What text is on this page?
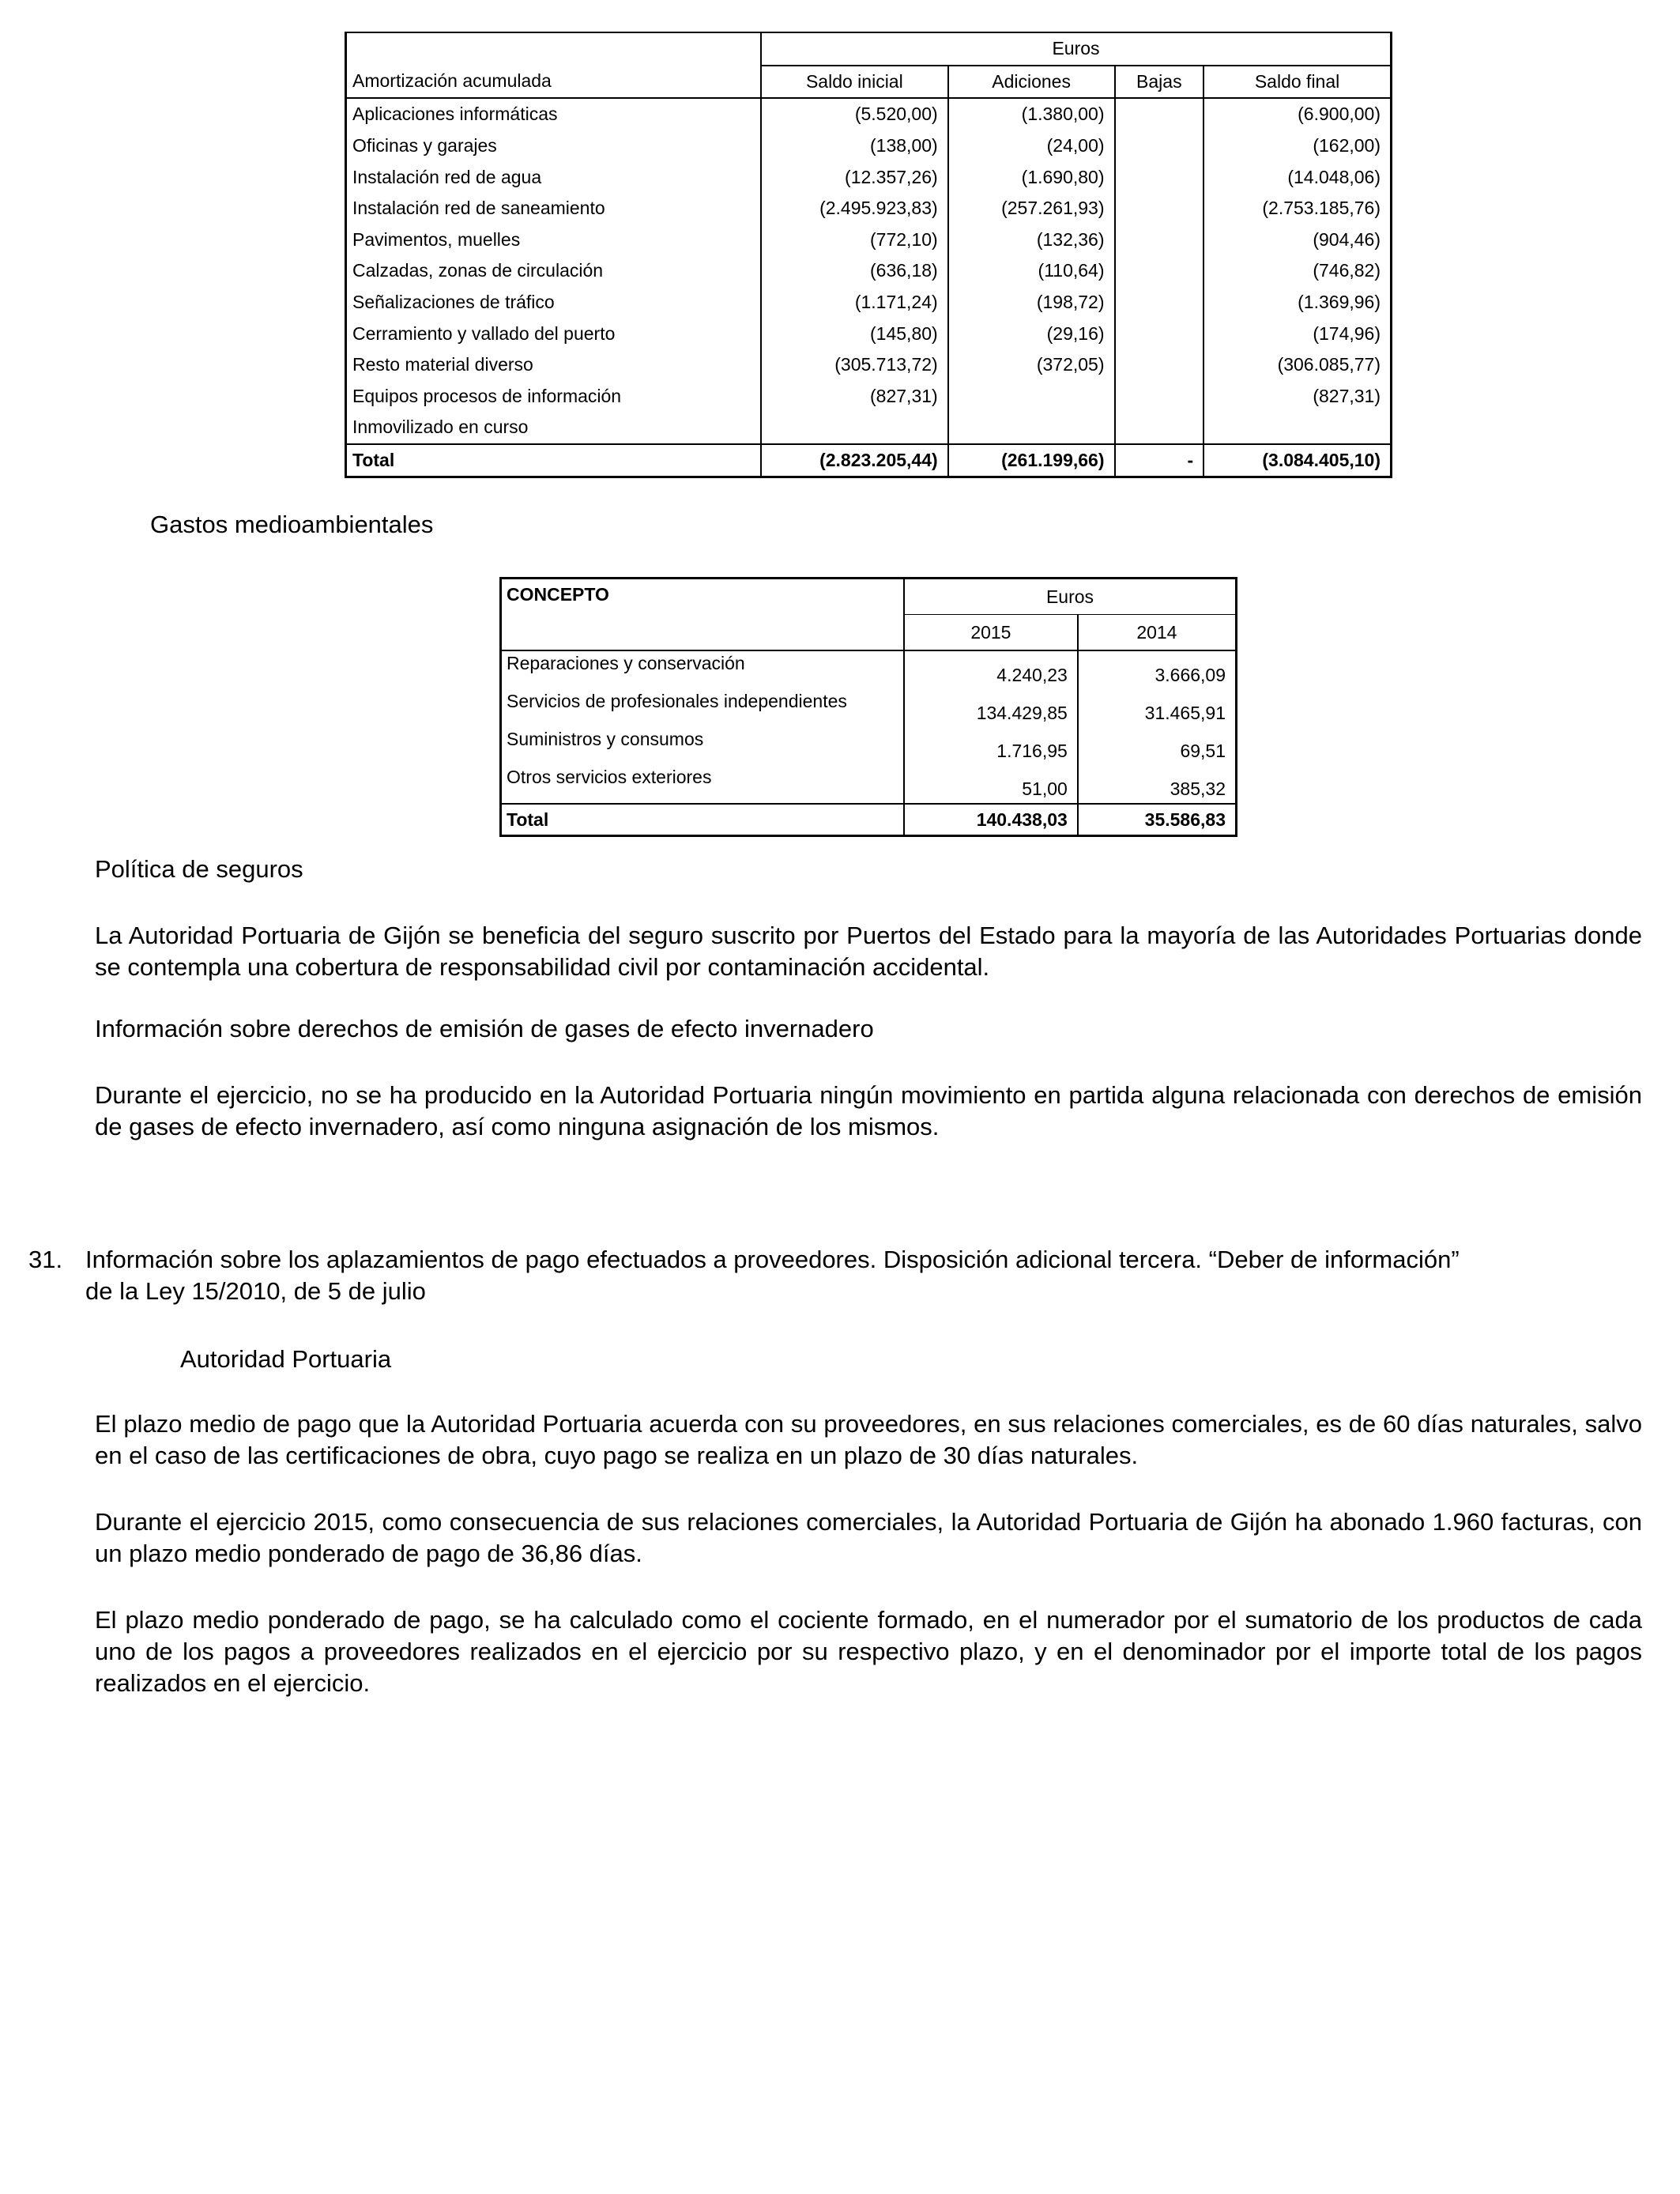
	Euros			
Amortización acumulada	Saldo inicial	Adiciones	Bajas	Saldo final
Aplicaciones informáticas	(5.520,00)	(1.380,00)		(6.900,00)
Oficinas y garajes	(138,00)	(24,00)		(162,00)
Instalación red de agua	(12.357,26)	(1.690,80)		(14.048,06)
Instalación red de saneamiento	(2.495.923,83)	(257.261,93)		(2.753.185,76)
Pavimentos, muelles	(772,10)	(132,36)		(904,46)
Calzadas, zonas de circulación	(636,18)	(110,64)		(746,82)
Señalizaciones de tráfico	(1.171,24)	(198,72)		(1.369,96)
Cerramiento y vallado del puerto	(145,80)	(29,16)		(174,96)
Resto material diverso	(305.713,72)	(372,05)		(306.085,77)
Equipos procesos de información	(827,31)			(827,31)
Inmovilizado en curso				
Total	(2.823.205,44)	(261.199,66)	-	(3.084.405,10)
Gastos medioambientales
CONCEPTO	Euros	
	2015	2014
Reparaciones y conservación	4.240,23	3.666,09
Servicios de profesionales independientes	134.429,85	31.465,91
Suministros y consumos	1.716,95	69,51
Otros servicios exteriores	51,00	385,32
Total	140.438,03	35.586,83
Política de seguros
La Autoridad Portuaria de Gijón se beneficia del seguro suscrito por Puertos del Estado para la mayoría de las Autoridades Portuarias donde se contempla una cobertura de responsabilidad civil por contaminación accidental.
Información sobre derechos de emisión de gases de efecto invernadero
Durante el ejercicio, no se ha producido en la Autoridad Portuaria ningún movimiento en partida alguna relacionada con derechos de emisión de gases de efecto invernadero, así como ninguna asignación de los mismos.
31. Información sobre los aplazamientos de pago efectuados a proveedores. Disposición adicional tercera. “Deber de información”
de la Ley 15/2010, de 5 de julio
Autoridad Portuaria
El plazo medio de pago que la Autoridad Portuaria acuerda con su proveedores, en sus relaciones comerciales, es de 60 días naturales, salvo en el caso de las certificaciones de obra, cuyo pago se realiza en un plazo de 30 días naturales.
Durante el ejercicio 2015, como consecuencia de sus relaciones comerciales, la Autoridad Portuaria de Gijón ha abonado 1.960 facturas, con un plazo medio ponderado de pago de 36,86 días.
El plazo medio ponderado de pago, se ha calculado como el cociente formado, en el numerador por el sumatorio de los productos de cada uno de los pagos a proveedores realizados en el ejercicio por su respectivo plazo, y en el denominador por el importe total de los pagos realizados en el ejercicio.
